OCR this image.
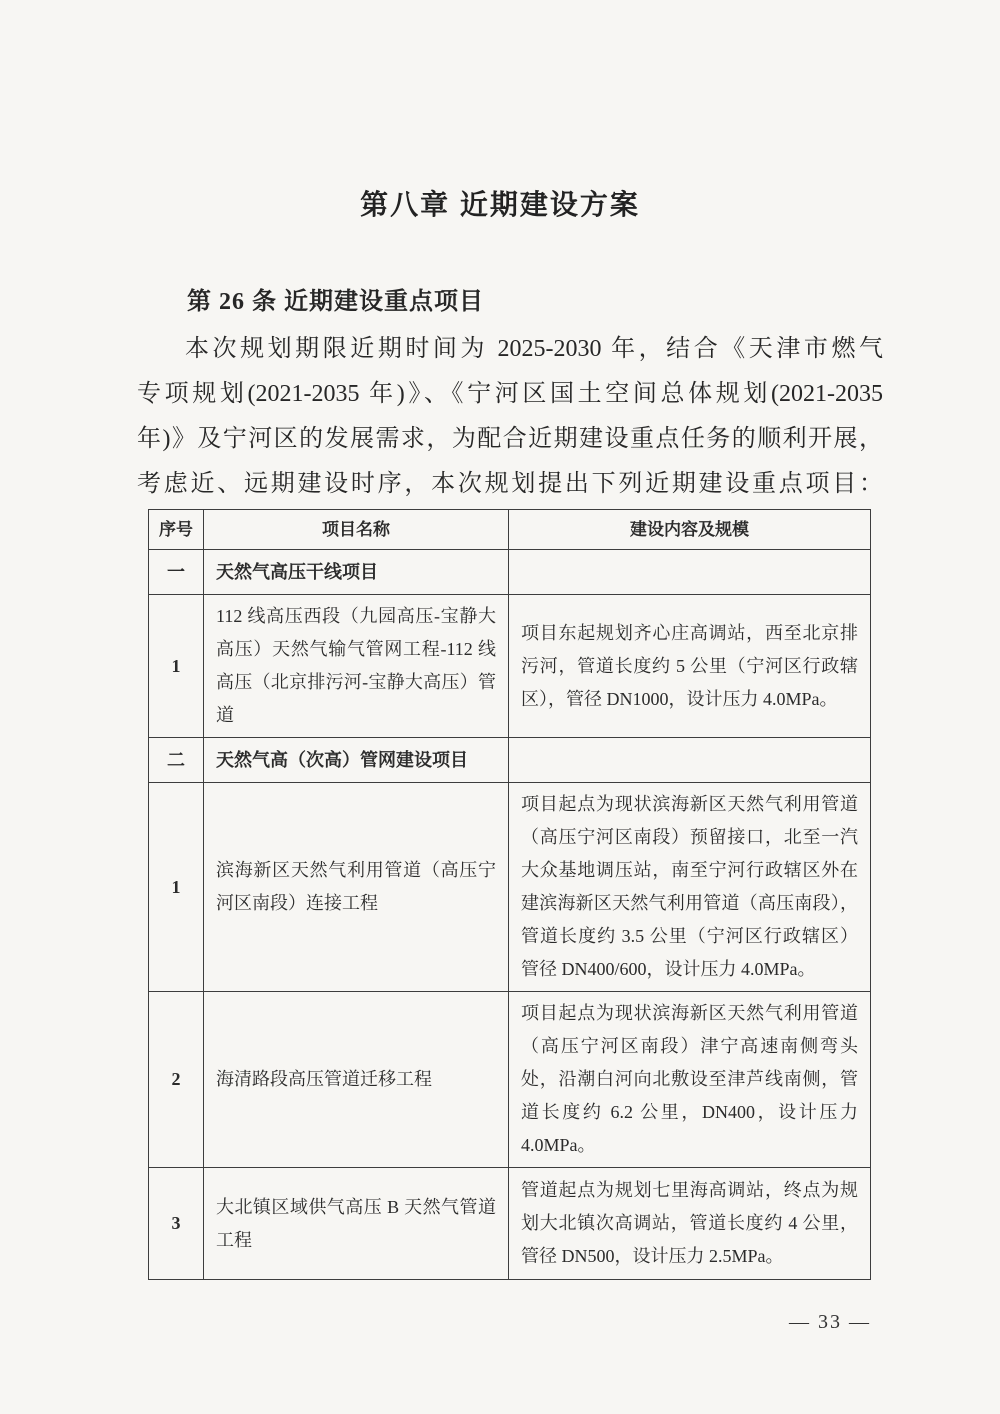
第八章 近期建设方案
第 26 条 近期建设重点项目
本次规划期限近期时间为 2025-2030 年，结合《天津市燃气
专项规划(2021-2035 年)》、《宁河区国土空间总体规划(2021-2035
年)》及宁河区的发展需求，为配合近期建设重点任务的顺利开展，
考虑近、远期建设时序，本次规划提出下列近期建设重点项目：
序号	项目名称	建设内容及规模
一	天然气高压干线项目	
1	112 线高压西段（九园高压-宝静大高压）天然气输气管网工程-112 线高压（北京排污河-宝静大高压）管道	项目东起规划齐心庄高调站，西至北京排污河，管道长度约 5 公里（宁河区行政辖区），管径 DN1000，设计压力 4.0MPa。
二	天然气高（次高）管网建设项目	
1	滨海新区天然气利用管道（高压宁河区南段）连接工程	项目起点为现状滨海新区天然气利用管道（高压宁河区南段）预留接口，北至一汽大众基地调压站，南至宁河行政辖区外在建滨海新区天然气利用管道（高压南段），管道长度约 3.5 公里（宁河区行政辖区）管径 DN400/600，设计压力 4.0MPa。
2	海清路段高压管道迁移工程	项目起点为现状滨海新区天然气利用管道（高压宁河区南段）津宁高速南侧弯头处，沿潮白河向北敷设至津芦线南侧，管道长度约 6.2 公里，DN400，设计压力 4.0MPa。
3	大北镇区域供气高压 B 天然气管道工程	管道起点为规划七里海高调站，终点为规划大北镇次高调站，管道长度约 4 公里，管径 DN500，设计压力 2.5MPa。
— 33 —
